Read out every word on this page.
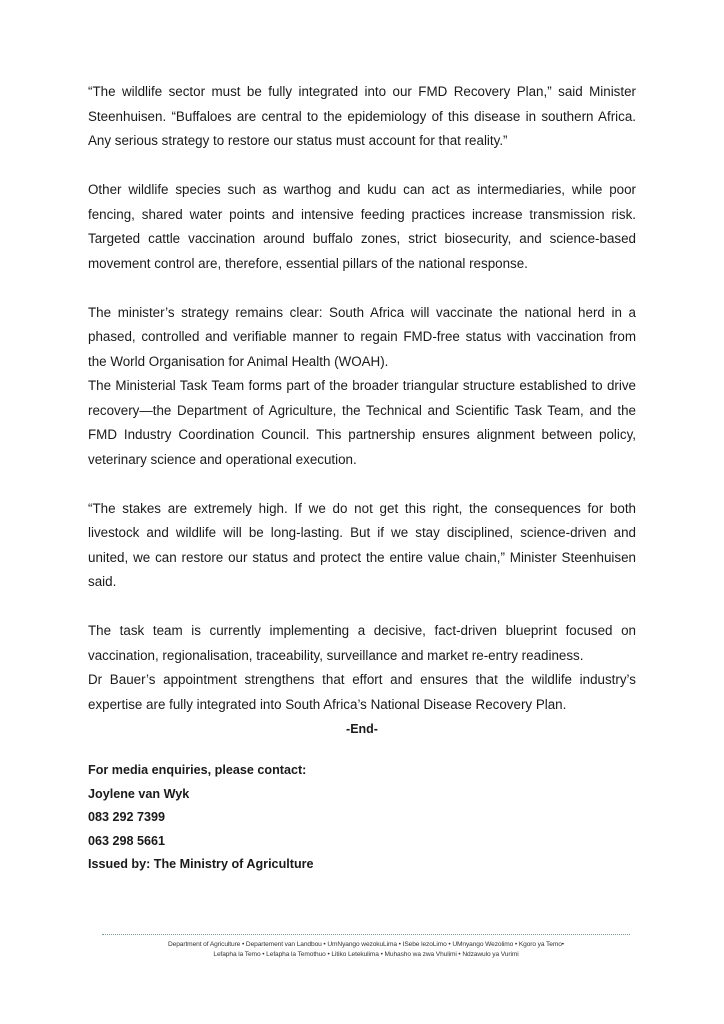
“The wildlife sector must be fully integrated into our FMD Recovery Plan,” said Minister Steenhuisen. “Buffaloes are central to the epidemiology of this disease in southern Africa. Any serious strategy to restore our status must account for that reality.”

Other wildlife species such as warthog and kudu can act as intermediaries, while poor fencing, shared water points and intensive feeding practices increase transmission risk. Targeted cattle vaccination around buffalo zones, strict biosecurity, and science-based movement control are, therefore, essential pillars of the national response.

The minister’s strategy remains clear: South Africa will vaccinate the national herd in a phased, controlled and verifiable manner to regain FMD-free status with vaccination from the World Organisation for Animal Health (WOAH).

The Ministerial Task Team forms part of the broader triangular structure established to drive recovery—the Department of Agriculture, the Technical and Scientific Task Team, and the FMD Industry Coordination Council. This partnership ensures alignment between policy, veterinary science and operational execution.

“The stakes are extremely high. If we do not get this right, the consequences for both livestock and wildlife will be long-lasting. But if we stay disciplined, science-driven and united, we can restore our status and protect the entire value chain,” Minister Steenhuisen said.

The task team is currently implementing a decisive, fact-driven blueprint focused on vaccination, regionalisation, traceability, surveillance and market re-entry readiness.

Dr Bauer’s appointment strengthens that effort and ensures that the wildlife industry’s expertise are fully integrated into South Africa’s National Disease Recovery Plan.

-End-

For media enquiries, please contact:

Joylene van Wyk

083 292 7399

063 298 5661

Issued by: The Ministry of Agriculture

Department of Agriculture • Departement van Landbou • UmNyango wezokuLima • ISebe lezoLimo • UMnyango Wezolimo • Kgoro ya Temo•
Lefapha la Temo • Lefapha la Temothuo • Litiko Letekulima • Muhasho wa zwa Vhulimi • Ndzawulo ya Vurimi
